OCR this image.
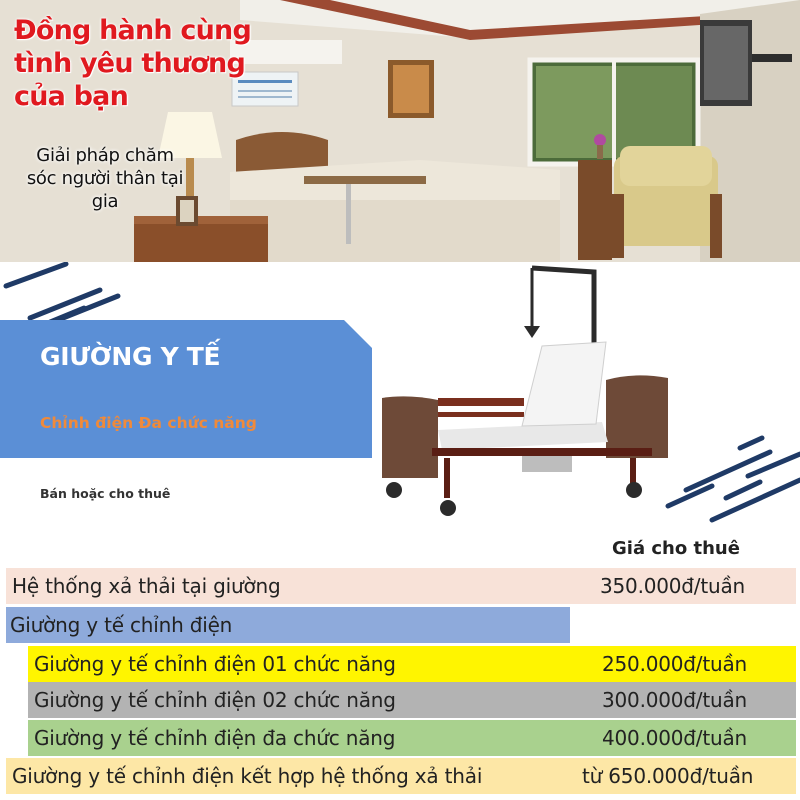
Đồng hành cùng tình yêu thương của bạn

Giải pháp chăm sóc người thân tại gia

GIƯỜNG Y TẾ

Chỉnh điện Đa chức năng

Bán hoặc cho thuê

Giá cho thuê

Hệ thống xả thải tại giường	350.000đ/tuần
Giường y tế chỉnh điện
Giường y tế chỉnh điện 01 chức năng	250.000đ/tuần
Giường y tế chỉnh điện 02 chức năng	300.000đ/tuần
Giường y tế chỉnh điện đa chức năng	400.000đ/tuần
Giường y tế chỉnh điện kết hợp hệ thống xả thải	từ 650.000đ/tuần
